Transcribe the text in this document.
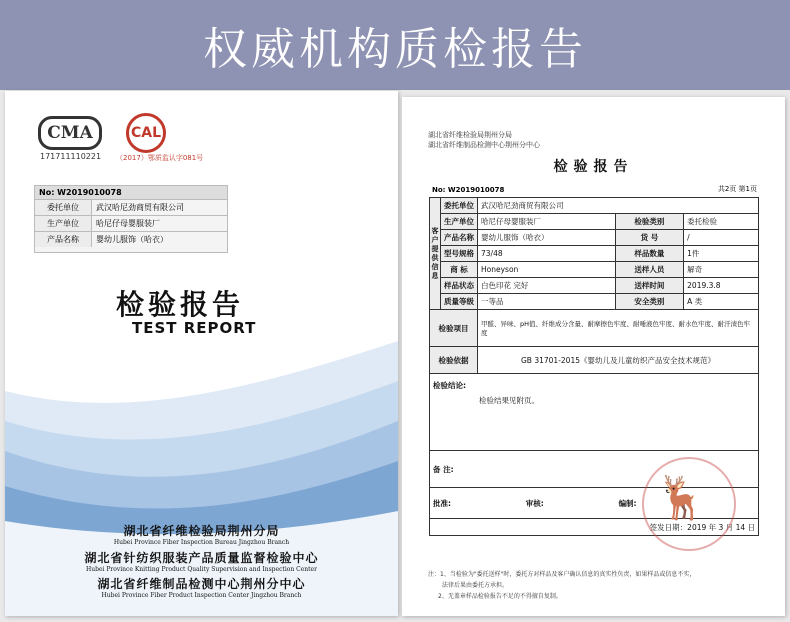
权威机构质检报告
CMA
171711110221
CAL
（2017）鄂质监认字081号
No: W2019010078
委托单位	武汉哈尼劲商贸有限公司
生产单位	哈尼仔母婴服装厂
产品名称	婴幼儿服饰（哈衣）
检验报告
TEST REPORT
湖北省纤维检验局荆州分局
Hubei Province Fiber Inspection Bureau Jingzhou Branch
湖北省针纺织服装产品质量监督检验中心
Hubei Province Knitting Product Quality Supervision and Inspection Center
湖北省纤维制品检测中心荆州分中心
Hubei Province Fiber Product Inspection Center Jingzhou Branch
湖北省纤维检验局荆州分局
湖北省纤维制品检测中心荆州分中心
检验报告
No: W2019010078	共2页 第1页
客户提供信息	委托单位	武汉哈尼劲商贸有限公司		
	生产单位	哈尼仔母婴服装厂	检验类别	委托检验
	产品名称	婴幼儿服饰（哈衣）	货 号	/
	型号规格	73/48	样品数量	1件
	商 标	Honeyson	送样人员	解奇
	样品状态	白色印花 完好	送样时间	2019.3.8
	质量等级	一等品	安全类别	A 类
检验项目		甲醛、异味、pH值、纤维成分含量、耐摩擦色牢度、耐唾液色牢度、耐水色牢度、耐汗渍色牢度		
检验依据		GB 31701-2015《婴幼儿及儿童纺织产品安全技术规范》		

检验结论:
检验结果见附页。				

备 注:				
批准: 审核: 编制:				
签发日期：2019 年 3 月 14 日				
🦌
注：1、当检验为"委托送样"时，委托方对样品及客户确认信息的真实性负责，如果样品或信息不实，
法律后果由委托方承担。
2、无盖章样品检验报告不足的不得擅自复制。
